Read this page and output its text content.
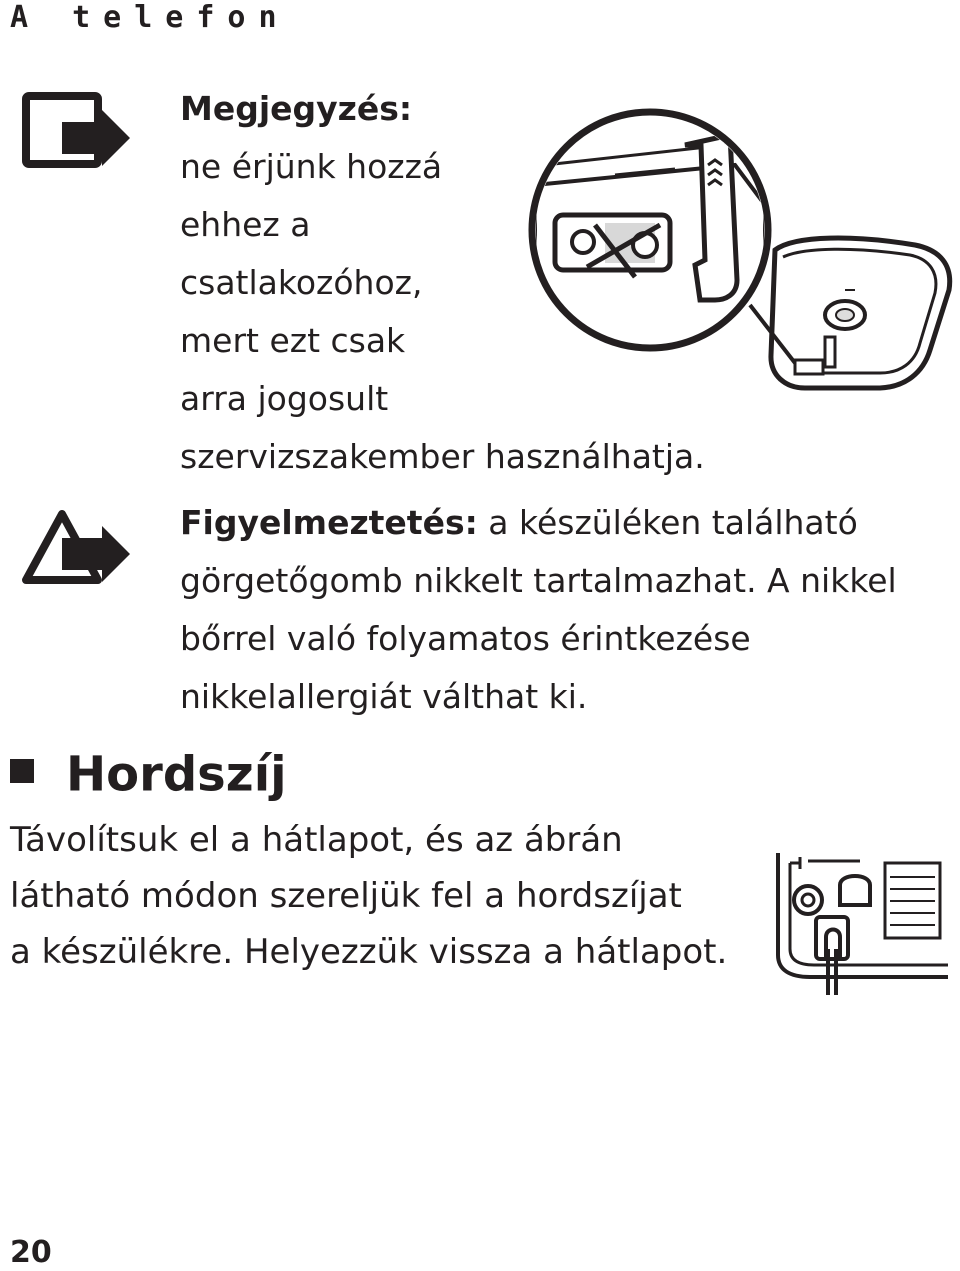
A telefon
Megjegyzés:
ne érjünk hozzá
ehhez a
csatlakozóhoz,
mert ezt csak
arra jogosult
szervizszakember használhatja.
Figyelmeztetés: a készüléken található
görgetőgomb nikkelt tartalmazhat. A nikkel
bőrrel való folyamatos érintkezése
nikkelallergiát válthat ki.
Hordszíj
Távolítsuk el a hátlapot, és az ábrán
látható módon szereljük fel a hordszíjat
a készülékre. Helyezzük vissza a hátlapot.
20
